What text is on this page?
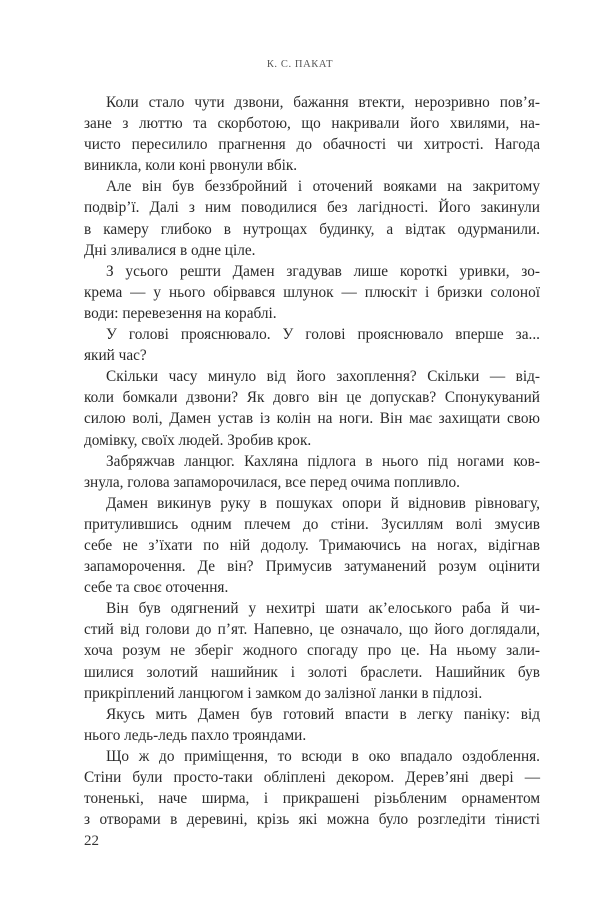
К. С. ПАКАТ
Коли стало чути дзвони, бажання втекти, нерозривно пов’я-
зане з люттю та скорботою, що накривали його хвилями, на-
чисто пересилило прагнення до обачності чи хитрості. Нагода
виникла, коли коні рвонули вбік.
Але він був беззбройний і оточений вояками на закритому
подвір’ї. Далі з ним поводилися без лагідності. Його закинули
в камеру глибоко в нутрощах будинку, а відтак одурманили.
Дні зливалися в одне ціле.
З усього решти Дамен згадував лише короткі уривки, зо-
крема — у нього обірвався шлунок — плюскіт і бризки солоної
води: перевезення на кораблі.
У голові прояснювало. У голові прояснювало вперше за...
який час?
Скільки часу минуло від його захоплення? Скільки — від-
коли бомкали дзвони? Як довго він це допускав? Спонукуваний
силою волі, Дамен устав із колін на ноги. Він має захищати свою
домівку, своїх людей. Зробив крок.
Забряжчав ланцюг. Кахляна підлога в нього під ногами ков-
знула, голова запаморочилася, все перед очима попливло.
Дамен викинув руку в пошуках опори й відновив рівновагу,
притулившись одним плечем до стіни. Зусиллям волі змусив
себе не з’їхати по ній додолу. Тримаючись на ногах, відігнав
запаморочення. Де він? Примусив затуманений розум оцінити
себе та своє оточення.
Він був одягнений у нехитрі шати ак’елоського раба й чи-
стий від голови до п’ят. Напевно, це означало, що його доглядали,
хоча розум не зберіг жодного спогаду про це. На ньому зали-
шилися золотий нашийник і золоті браслети. Нашийник був
прикріплений ланцюгом і замком до залізної ланки в підлозі.
Якусь мить Дамен був готовий впасти в легку паніку: від
нього ледь-ледь пахло трояндами.
Що ж до приміщення, то всюди в око впадало оздоблення.
Стіни були просто-таки обліплені декором. Дерев’яні двері —
тоненькі, наче ширма, і прикрашені різьбленим орнаментом
з отворами в деревині, крізь які можна було розгледіти тінисті
22
